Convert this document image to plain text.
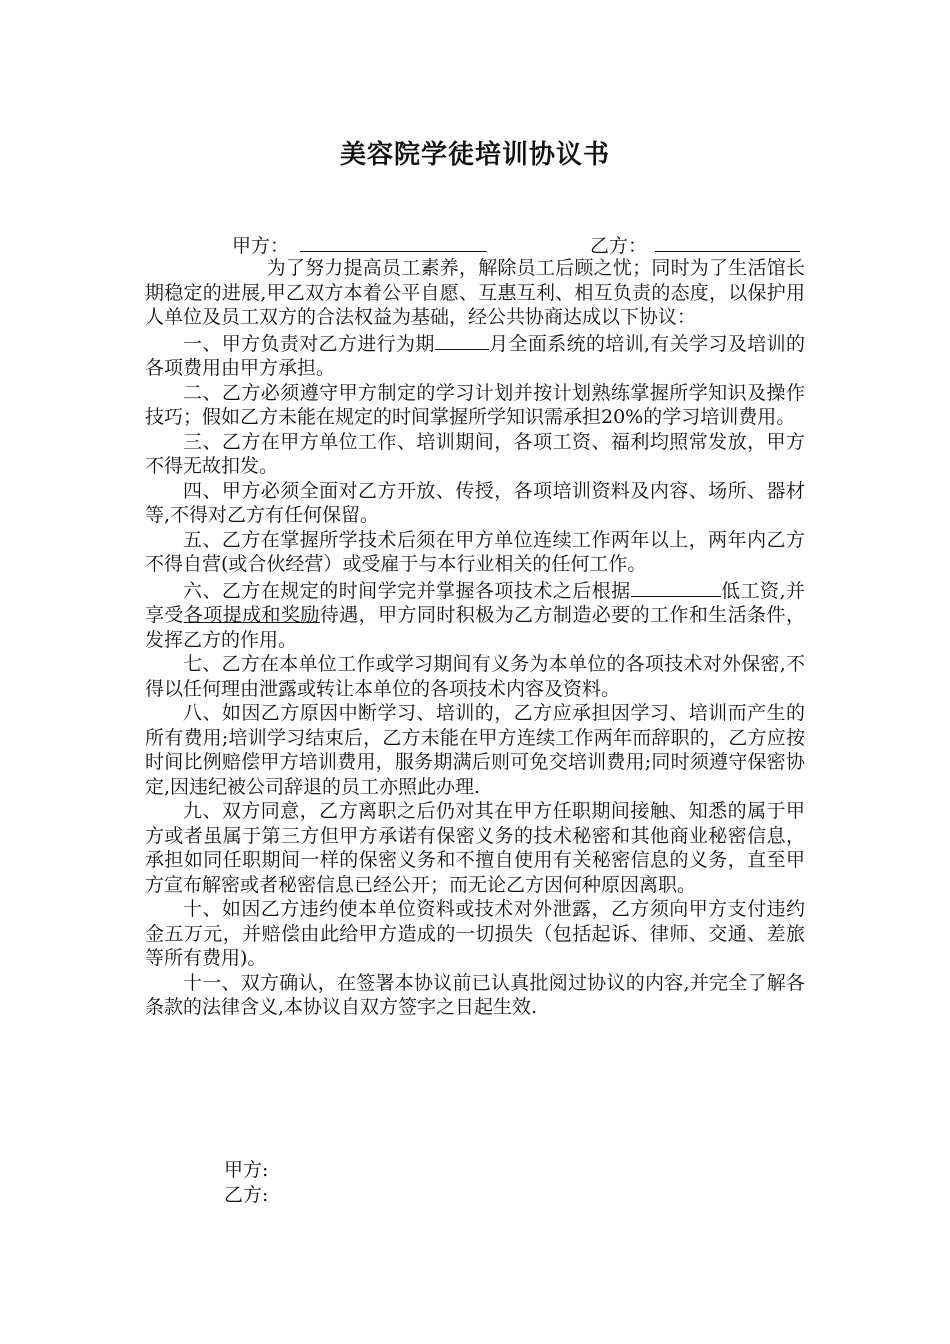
美容院学徒培训协议书
甲方：	乙方：

为了努力提高员工素养，解除员工后顾之忧；同时为了生活馆长期稳定的进展,甲乙双方本着公平自愿、互惠互利、相互负责的态度，以保护用人单位及员工双方的合法权益为基础，经公共协商达成以下协议：

一、甲方负责对乙方进行为期	月全面系统的培训,有关学习及培训的各项费用由甲方承担。

二、乙方必须遵守甲方制定的学习计划并按计划熟练掌握所学知识及操作技巧；假如乙方未能在规定的时间掌握所学知识需承担20%的学习培训费用。

三、乙方在甲方单位工作、培训期间，各项工资、福利均照常发放，甲方不得无故扣发。

四、甲方必须全面对乙方开放、传授，各项培训资料及内容、场所、器材等,不得对乙方有任何保留。

五、乙方在掌握所学技术后须在甲方单位连续工作两年以上，两年内乙方不得自营(或合伙经营）或受雇于与本行业相关的任何工作。

六、乙方在规定的时间学完并掌握各项技术之后根据	低工资,并享受各项提成和奖励待遇，甲方同时积极为乙方制造必要的工作和生活条件，发挥乙方的作用。

七、乙方在本单位工作或学习期间有义务为本单位的各项技术对外保密,不得以任何理由泄露或转让本单位的各项技术内容及资料。

八、如因乙方原因中断学习、培训的，乙方应承担因学习、培训而产生的所有费用;培训学习结束后，乙方未能在甲方连续工作两年而辞职的，乙方应按时间比例赔偿甲方培训费用，服务期满后则可免交培训费用;同时须遵守保密协定,因违纪被公司辞退的员工亦照此办理.

九、双方同意，乙方离职之后仍对其在甲方任职期间接触、知悉的属于甲方或者虽属于第三方但甲方承诺有保密义务的技术秘密和其他商业秘密信息，承担如同任职期间一样的保密义务和不擅自使用有关秘密信息的义务，直至甲方宣布解密或者秘密信息已经公开；而无论乙方因何种原因离职。

十、如因乙方违约使本单位资料或技术对外泄露，乙方须向甲方支付违约金五万元，并赔偿由此给甲方造成的一切损失（包括起诉、律师、交通、差旅等所有费用)。

十一、双方确认，在签署本协议前已认真批阅过协议的内容,并完全了解各条款的法律含义,本协议自双方签字之日起生效.

甲方:
乙方:
